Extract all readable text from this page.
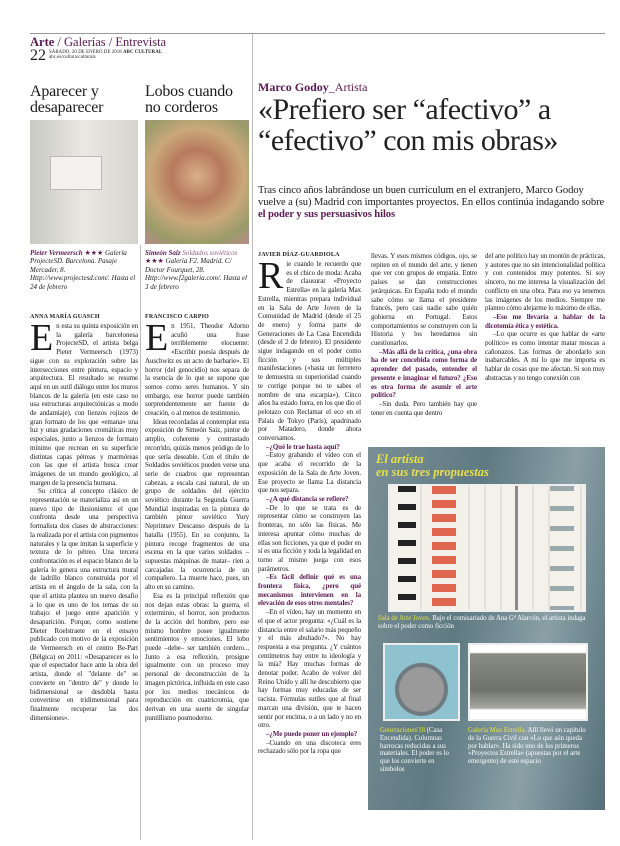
Arte / Galerías / Entrevista
22 SÁBADO, 20 DE ENERO DE 2018 ABC CULTURAL
abc.es/cultura/culturals
Aparecer y desaparecer
Pieter Vermeersch ★★★ Galería ProjecteSD. Barcelona. Pasaje Mercader, 8. Http://www.projectesd.com/. Hasta el 24 de febrero
ANNA MARÍA GUASCH

En esta su quinta exposición en la galería barcelonesa ProjecteSD, el artista belga Pieter Vermeersch (1973) sigue con su exploración sobre las intersecciones entre pintura, espacio y arquitectura. El resultado se resume aquí en un sutil diálogo entre los muros blancos de la galería (en este caso no usa estructuras arquitectónicas a modo de andamiaje), con lienzos rojizos de gran formato de los que «emana» una luz y unas gradaciones cromáticas muy especiales, junto a lienzos de formato mínimo que recrean en su superficie distintas capas pétreas y marmóreas con las que el artista busca crear imágenes de un mundo geológico, al margen de la presencia humana.

Su crítica al concepto clásico de representación se materializa así en un nuevo tipo de ilusionismo: el que confronta desde una perspectiva formalista dos clases de abstracciones: la realizada por el artista con pigmentos naturales y la que imitan la superficie y textura de lo pétreo. Una tercera confrontación es el espacio blanco de la galería lo genera una estructura mural de ladrillo blanco construida por el artista en el ángulo de la sala, con la que el artista plantea un nuevo desafío a lo que es uno de los temas de su trabajo: el juego entre aparición y desaparición. Porque, como sostiene Dieter Roelstraete en el ensayo publicado con motivo de la exposición de Vermeersch en el centro Be-Part (Bélgica) en 2011: «Desaparecer es lo que el espectador hace ante la obra del artista, donde el "delante de" se convierte en "dentro de" y donde lo bidimensional se desdobla hasta convertirse en tridimensional para finalmente recuperar las dos dimensiones».

Lobos cuando no corderos
Simeón Saiz Soldados soviéticos ★★★ Galería F2. Madrid. C/ Doctor Fourquet, 28. Http://www.f2galeria.com/. Hasta el 3 de febrero
FRANCISCO CARPIO

En 1951, Theodor Adorno acuñó una frase terriblemente elocuente: «Escribir poesía después de Auschwitz es un acto de barbarie». El horror (del genocidio) nos separa de la esencia de lo que se supone que somos como seres humanos. Y sin embargo, ese horror puede también sorprendentemente ser fuente de creación, o al menos de testimonio.

Ideas recordadas al contemplar esta exposición de Simeón Saiz, pintor de amplio, coherente y contrastado recorrido, quizás menos pródigo de lo que sería deseable. Con el título de Soldados soviéticos pueden verse una serie de cuadros que representan cabezas, a escala casi natural, de un grupo de soldados del ejército soviético durante la Segunda Guerra Mundial inspiradas en la pintura de también pintor soviético Yury Neprintsev Descanso después de la batalla (1955). En su conjunto, la pintura recoge fragmentos de una escena en la que varios soldados –supuestas máquinas de matar– ríen a carcajadas la ocurrencia de un compañero. La muerte hace, pues, un alto en su camino.

Esa es la principal reflexión que nos dejan estas obras: la guerra, el exterminio, el horror, son productos de la acción del hombre, pero ese mismo hombre posee igualmente sentimientos y emociones. El lobo puede –debe– ser también cordero... Junto a esa reflexión, prosigue igualmente con un proceso muy personal de deconstrucción de la imagen pictórica, influida en este caso por los medios mecánicos de reproducción en cuatricromía, que derivan en una suerte de singular puntillismo posmoderno.

Marco Godoy_Artista
«Prefiero ser “afectivo” a “efectivo” con mis obras»
Tras cinco años labrándose un buen currículum en el extranjero, Marco Godoy vuelve a (su) Madrid con importantes proyectos. En ellos continúa indagando sobre el poder y sus persuasivos hilos
JAVIER DÍAZ-GUARDIOLA

Rie cuando le recuerdo que es el chico de moda: Acaba de clausurar «Proyecto Estrella» en la galería Max Estrella, mientras prepara individual en la Sala de Arte Joven de la Comunidad de Madrid (desde el 25 de enero) y forma parte de Generaciones de La Casa Encendida (desde el 2 de febrero). El presidente sigue indagando en el poder como ficción y sus múltiples manifestaciones («hasta un ferretero te demuestra su superioridad cuando te corrige porque no te sabes el nombre de una escarpia»). Cinco años ha estado fuera, en los que dio el pelotazo con Reclamar el eco en el Palais de Tokyo (París), apadrinado por Matadero, donde ahora conversamos.

–¿Qué le trae hasta aquí?

–Estoy grabando el vídeo con el que acaba el recorrido de la exposición de la Sala de Arte Joven. Ese proyecto se llama La distancia que nos separa.

–¿A qué distancia se refiere?

–De lo que se trata es de representar cómo se construyen las fronteras, no sólo las físicas. Me interesa apuntar cómo muchas de ellas son ficciones, ya que el poder en sí es una ficción y toda la legalidad en torno al mismo juega con esos parámetros.

–Es fácil definir qué es una frontera física, ¿pero qué mecanismos intervienen en la elevación de esos otros mentales?

–En el vídeo, hay un momento en el que el actor pregunta: «¿Cuál es la distancia entre el salario más pequeño y el más abultado?». No hay respuesta a esa pregunta. ¿Y cuántos centímetros hay entre tu ideología y la mía? Hay muchas formas de denotar poder. Acabo de volver del Reino Unido y allí he descubierto que hay formas muy educadas de ser racista. Fórmulas sutiles que al final marcan una división, que te hacen sentir por encima, o a un lado y no en otro.

–¿Me puede poner un ejemplo?

–Cuando en una discoteca eres rechazado sólo por la ropa que

llevas. Y esos mismos códigos, ojo, se repiten en el mundo del arte, y tienen que ver con grupos de empatía. Entre países se dan construcciones jerárquicas. En España todo el mundo sabe cómo se llama el presidente francés, pero casi nadie sabe quién gobierna en Portugal. Estos comportamientos se construyen con la Historia y los heredamos sin cuestionarlos.

–Más allá de la crítica, ¿una obra ha de ser concebida como forma de aprender del pasado, entender el presente e imaginar el futuro? ¿Eso es otra forma de asumir el arte político?

–Sin duda. Pero también hay que tener en cuenta que dentro

del arte político hay un montón de prácticas, y autores que no sin intencionalidad política y con contenidos muy potentes. Si soy sincero, no me interesa la visualización del conflicto en una obra. Para eso ya tenemos las imágenes de los medios. Siempre me planteo cómo alejarme lo máximo de ellas.

–Eso me llevaría a hablar de la dicotomía ética y estética.

–Lo que ocurre es que hablar de «arte político» es como intentar matar moscas a cañonazos. Las formas de abordarlo son inabarcables. A mí lo que me importa es hablar de cosas que me afectan. Si son muy abstractas y no tengo conexión con

El artista
en sus tres propuestas
Sala de Arte Joven. Bajo el comisariado de Ana Gª Alarcón, el artista indaga sobre el poder como ficción
Generaciones'18 (Casa Encendida). Columnas barrocas reducidas a sus materiales. El poder es lo que los convierte en símbolos
Galería Max Estrella. Allí llevó un capítulo de la Guerra Civil con «Lo que aún queda por hablar». Ha sido uno de los primeros «Proyectos Estrella» (apuestas por el arte emergente) de este espacio
